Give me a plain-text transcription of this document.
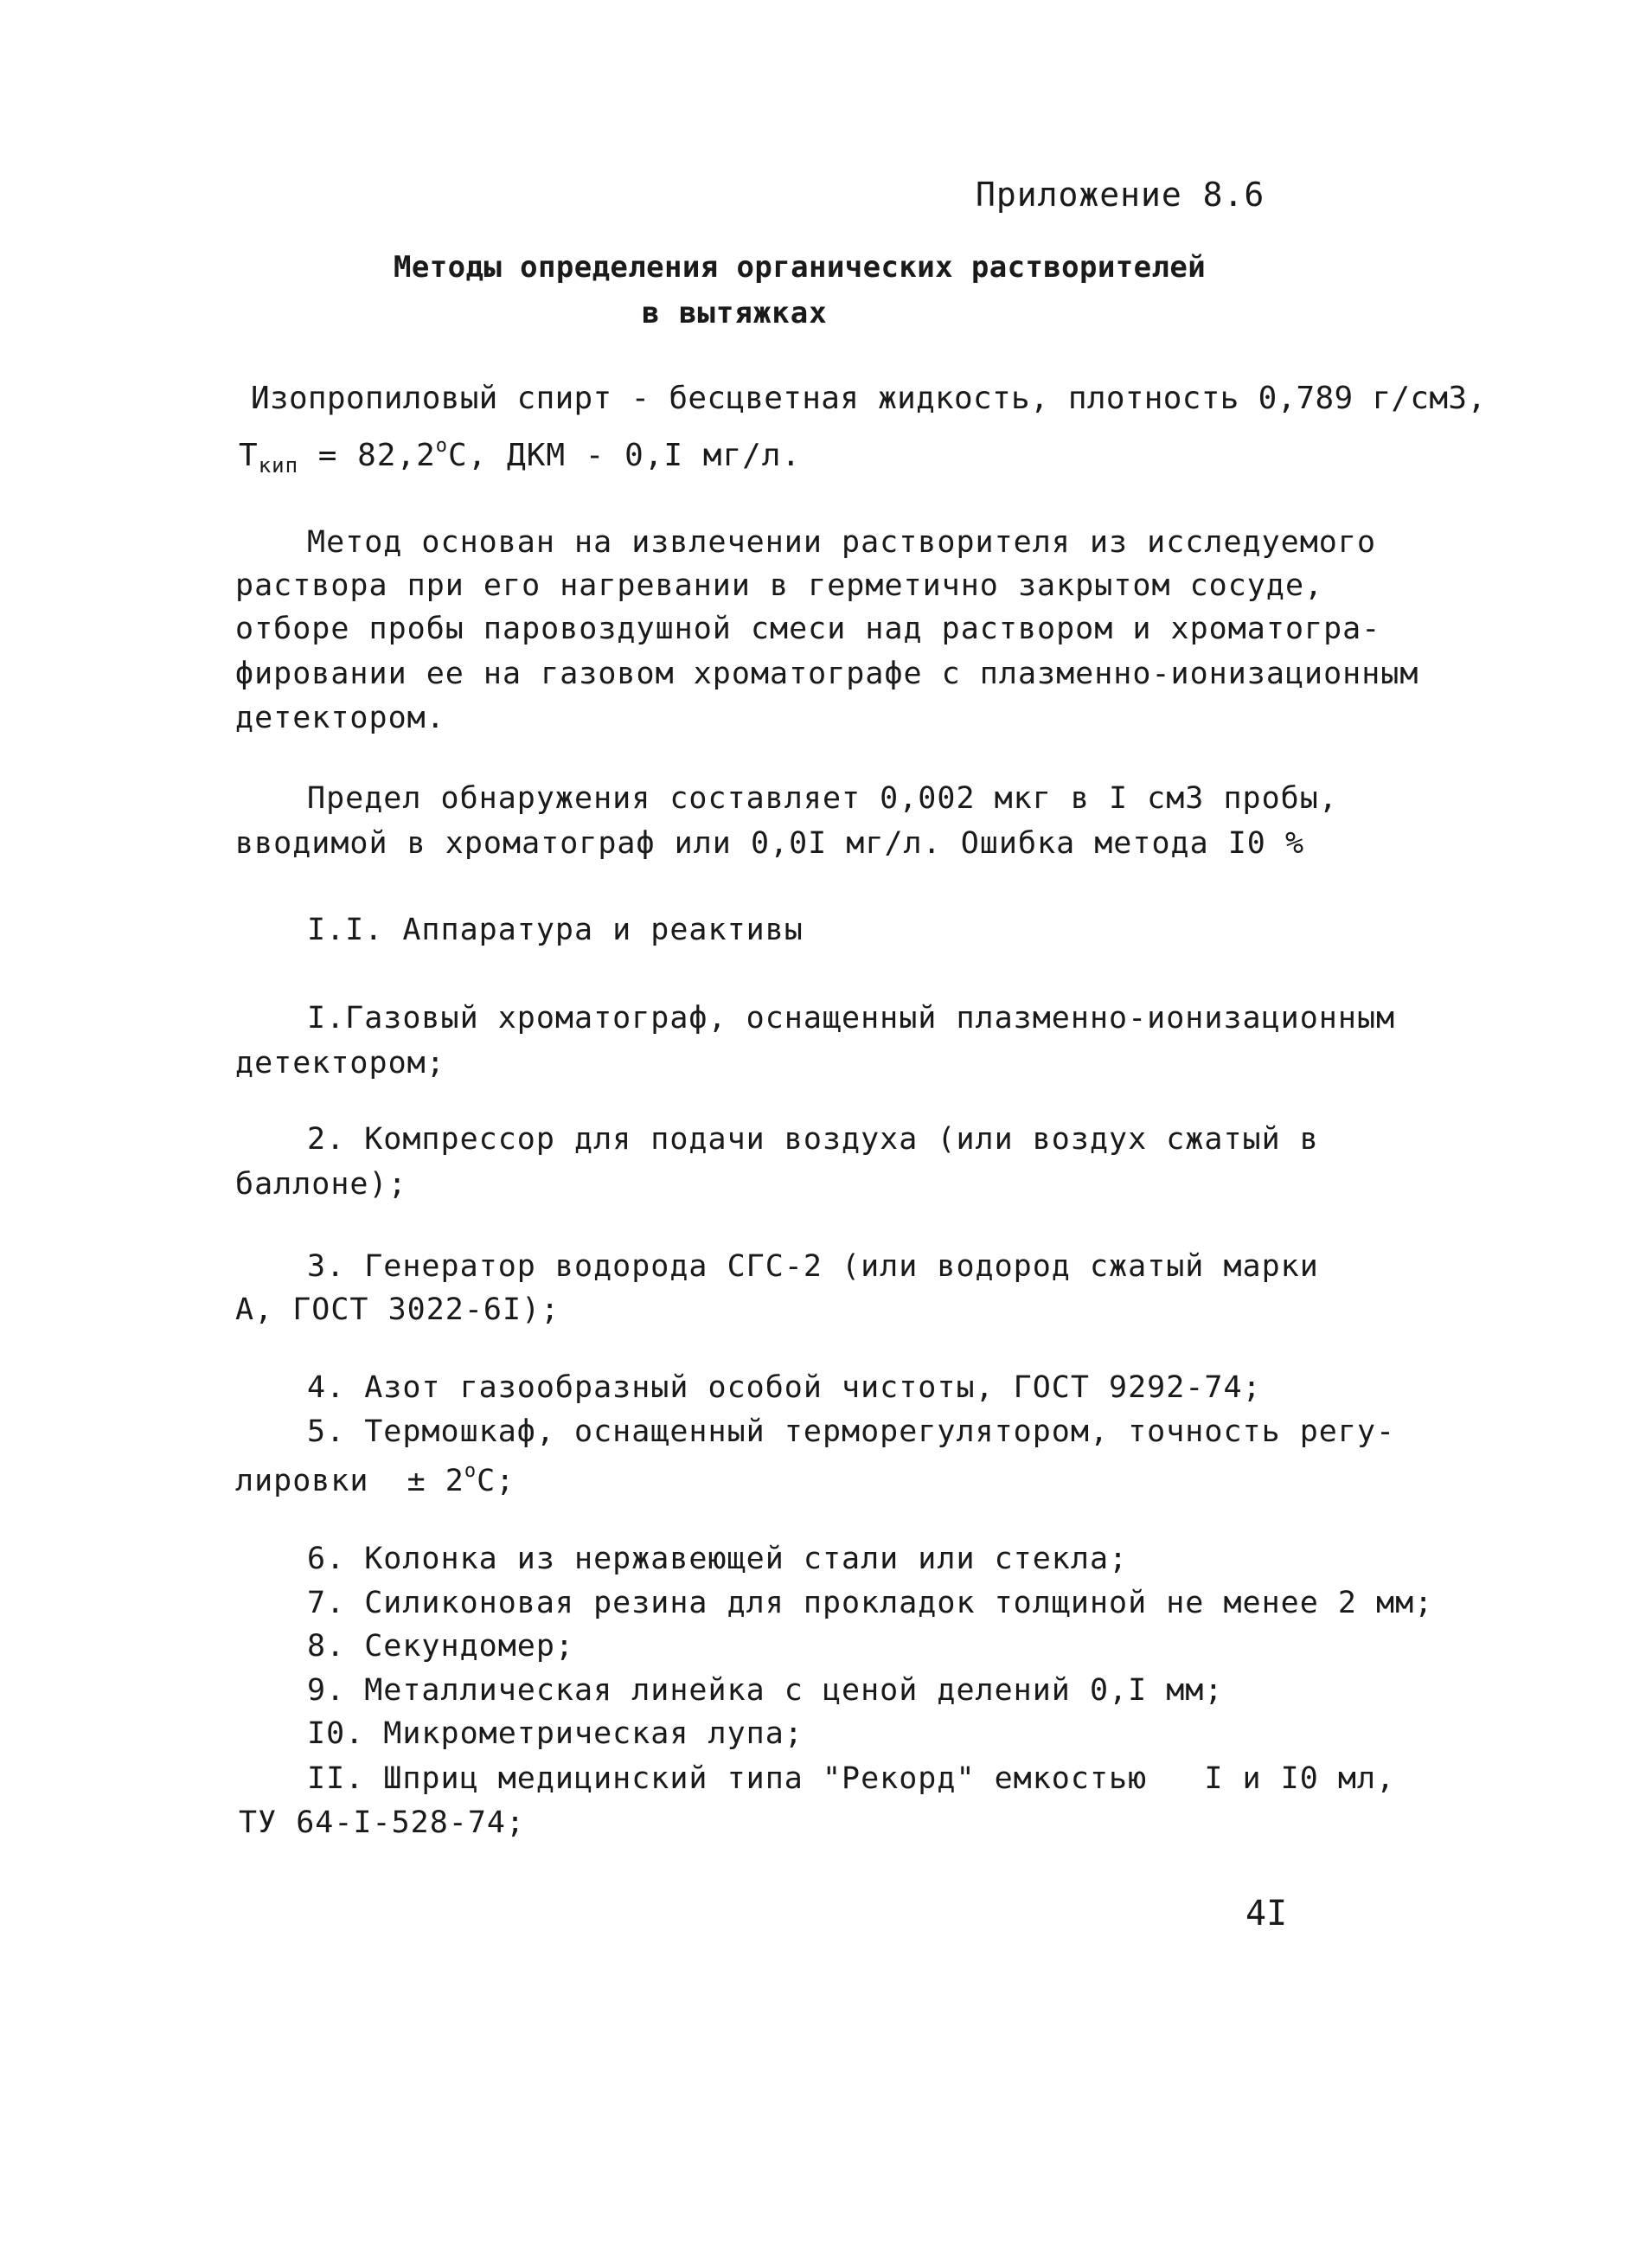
Приложение 8.6
Методы определения органических растворителей
в вытяжках
Изопропиловый спирт - бесцветная жидкость, плотность 0,789 г/см3,
$Т_{кип} = 82,2^оС$, ДКМ - 0,I мг/л.
Метод основан на извлечении растворителя из исследуемого
раствора при его нагревании в герметично закрытом сосуде,
отборе пробы паровоздушной смеси над раствором и хроматогра-
фировании ее на газовом хроматографе с плазменно-ионизационным
детектором.
Предел обнаружения составляет 0,002 мкг в I см3 пробы,
вводимой в хроматограф или 0,0I мг/л. Ошибка метода I0 %
I.I. Аппаратура и реактивы
I.Газовый хроматограф, оснащенный плазменно-ионизационным
детектором;
2. Компрессор для подачи воздуха (или воздух сжатый в
баллоне);
3. Генератор водорода СГС-2 (или водород сжатый марки
А, ГОСТ 3022-6I);
4. Азот газообразный особой чистоты, ГОСТ 9292-74;
5. Термошкаф, оснащенный терморегулятором, точность регу-
лировки  ± $2^оС$;
6. Колонка из нержавеющей стали или стекла;
7. Силиконовая резина для прокладок толщиной не менее 2 мм;
8. Секундомер;
9. Металлическая линейка с ценой делений 0,I мм;
I0. Микрометрическая лупа;
II. Шприц медицинский типа "Рекорд" емкостью   I и I0 мл,
ТУ 64-I-528-74;
4I
